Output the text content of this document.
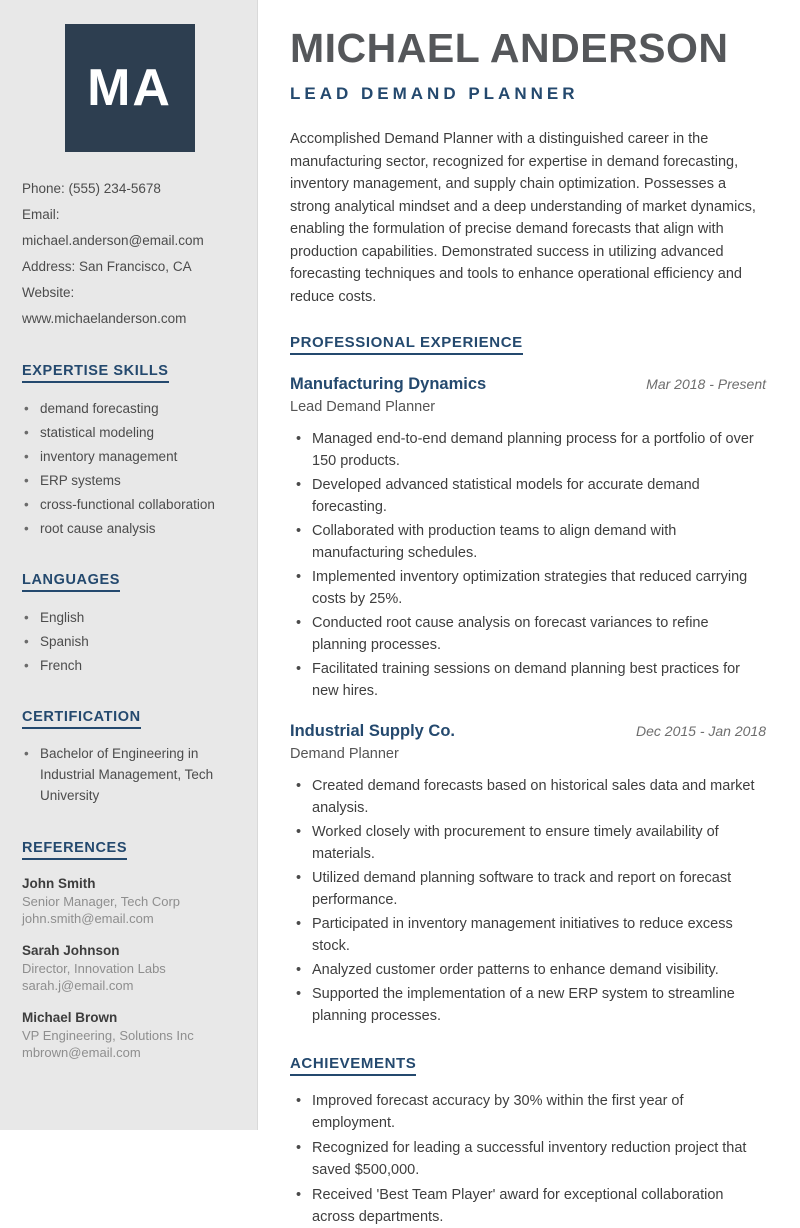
MA
Phone: (555) 234-5678
Email: michael.anderson@email.com
Address: San Francisco, CA
Website: www.michaelanderson.com
EXPERTISE SKILLS
• demand forecasting
• statistical modeling
• inventory management
• ERP systems
• cross-functional collaboration
• root cause analysis
LANGUAGES
• English
• Spanish
• French
CERTIFICATION
• Bachelor of Engineering in Industrial Management, Tech University
REFERENCES
John Smith
Senior Manager, Tech Corp
john.smith@email.com
Sarah Johnson
Director, Innovation Labs
sarah.j@email.com
Michael Brown
VP Engineering, Solutions Inc
mbrown@email.com
MICHAEL ANDERSON
LEAD DEMAND PLANNER

Accomplished Demand Planner with a distinguished career in the manufacturing sector, recognized for expertise in demand forecasting, inventory management, and supply chain optimization. Possesses a strong analytical mindset and a deep understanding of market dynamics, enabling the formulation of precise demand forecasts that align with production capabilities. Demonstrated success in utilizing advanced forecasting techniques and tools to enhance operational efficiency and reduce costs.

PROFESSIONAL EXPERIENCE
Manufacturing Dynamics	Mar 2018 - Present
Lead Demand Planner
• Managed end-to-end demand planning process for a portfolio of over 150 products.
• Developed advanced statistical models for accurate demand forecasting.
• Collaborated with production teams to align demand with manufacturing schedules.
• Implemented inventory optimization strategies that reduced carrying costs by 25%.
• Conducted root cause analysis on forecast variances to refine planning processes.
• Facilitated training sessions on demand planning best practices for new hires.
Industrial Supply Co.	Dec 2015 - Jan 2018
Demand Planner
• Created demand forecasts based on historical sales data and market analysis.
• Worked closely with procurement to ensure timely availability of materials.
• Utilized demand planning software to track and report on forecast performance.
• Participated in inventory management initiatives to reduce excess stock.
• Analyzed customer order patterns to enhance demand visibility.
• Supported the implementation of a new ERP system to streamline planning processes.
ACHIEVEMENTS
• Improved forecast accuracy by 30% within the first year of employment.
• Recognized for leading a successful inventory reduction project that saved $500,000.
• Received 'Best Team Player' award for exceptional collaboration across departments.
